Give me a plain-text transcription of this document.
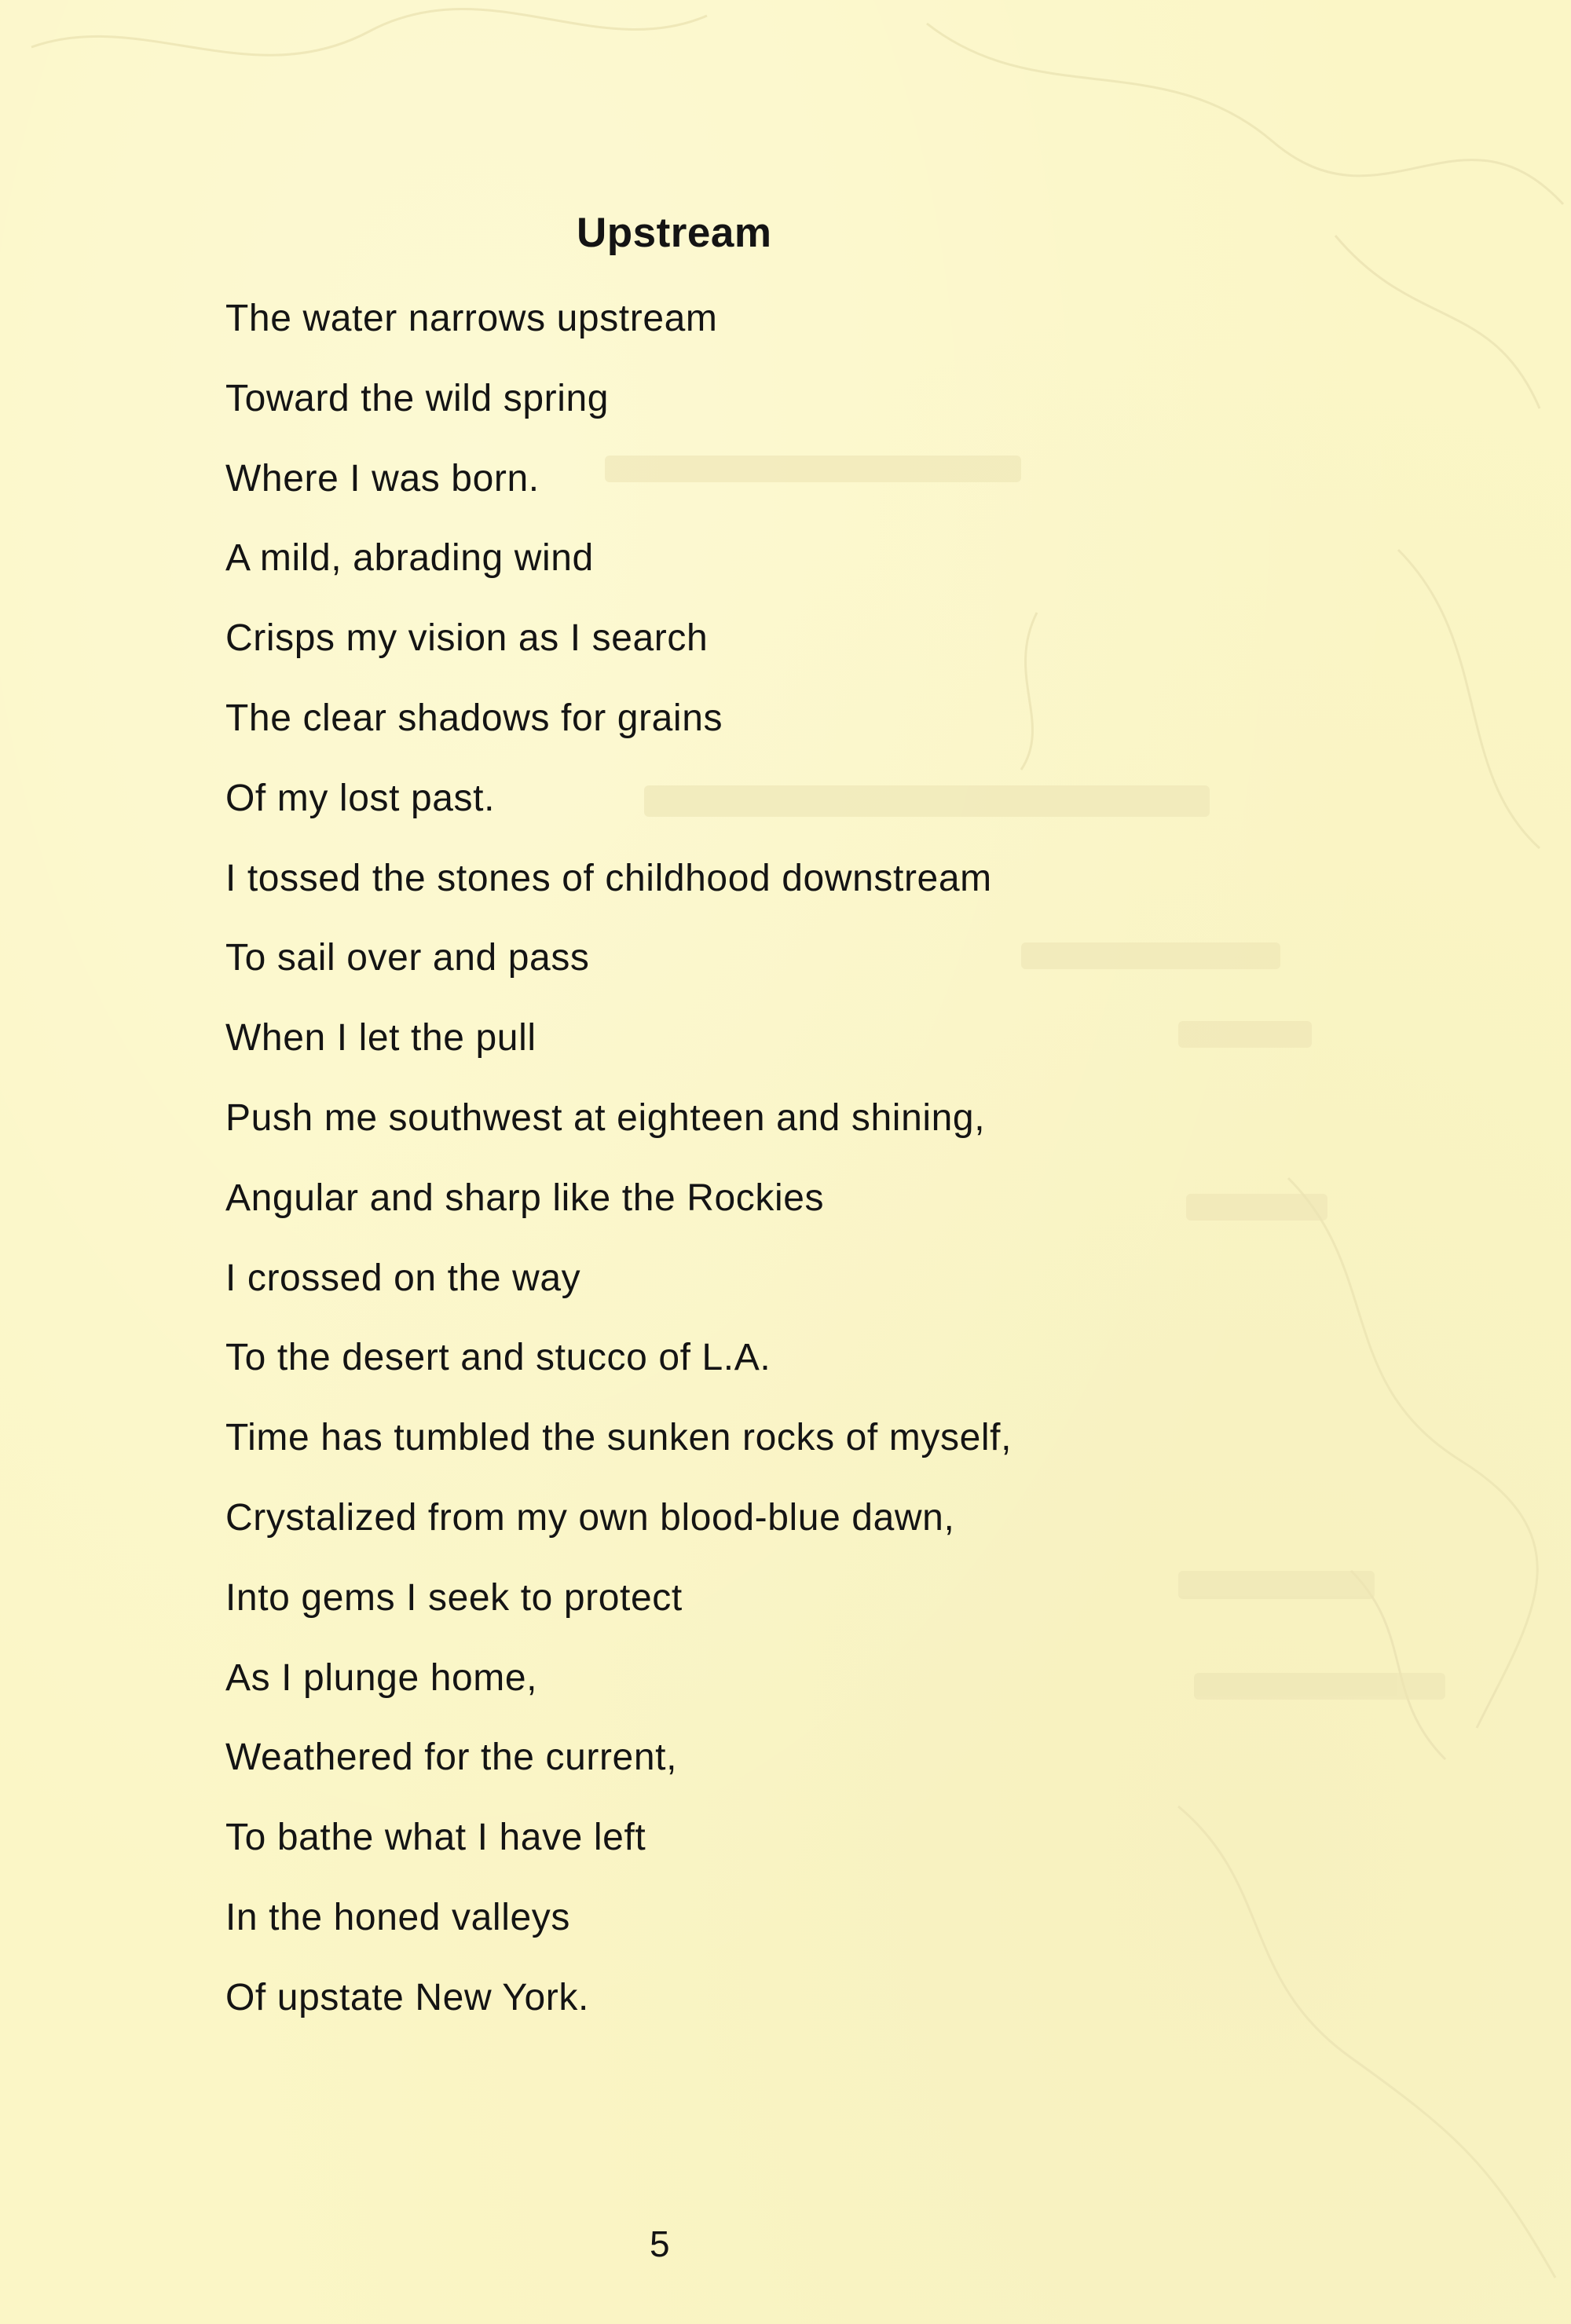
Upstream
The water narrows upstream
Toward the wild spring
Where I was born.
A mild, abrading wind
Crisps my vision as I search
The clear shadows for grains
Of my lost past.
I tossed the stones of childhood downstream
To sail over and pass
When I let the pull
Push me southwest at eighteen and shining,
Angular and sharp like the Rockies
I crossed on the way
To the desert and stucco of L.A.
Time has tumbled the sunken rocks of myself,
Crystalized from my own blood-blue dawn,
Into gems I seek to protect
As I plunge home,
Weathered for the current,
To bathe what I have left
In the honed valleys
Of upstate New York.
5
